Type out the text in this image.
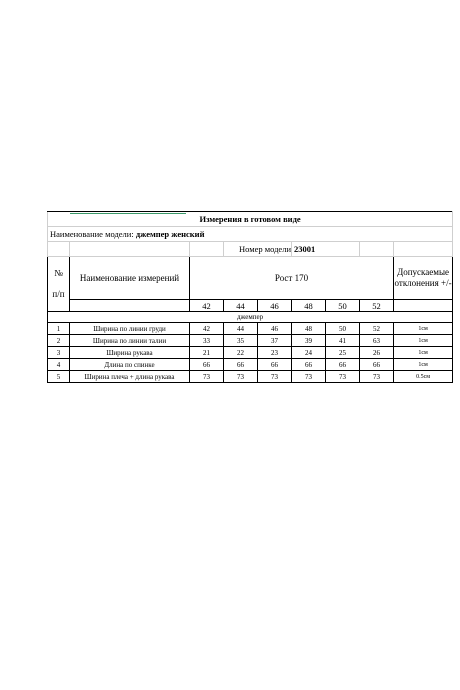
Измерения в готовом виде								
Наименование модели: джемпер женский								
			Номер модели		23001			

№
п/п	Наименование измерений	Рост 170						Допускаемые
отклонения +/-

		42	44	46	48	50	52	
джемпер								
1	Ширина по линии груди	42	44	46	48	50	52	1см
2	Ширина по линии талии	33	35	37	39	41	63	1см
3	Ширина рукава	21	22	23	24	25	26	1см
4	Длина по спинке	66	66	66	66	66	66	1см
5	Ширина плеча + длина рукава	73	73	73	73	73	73	0.5см
